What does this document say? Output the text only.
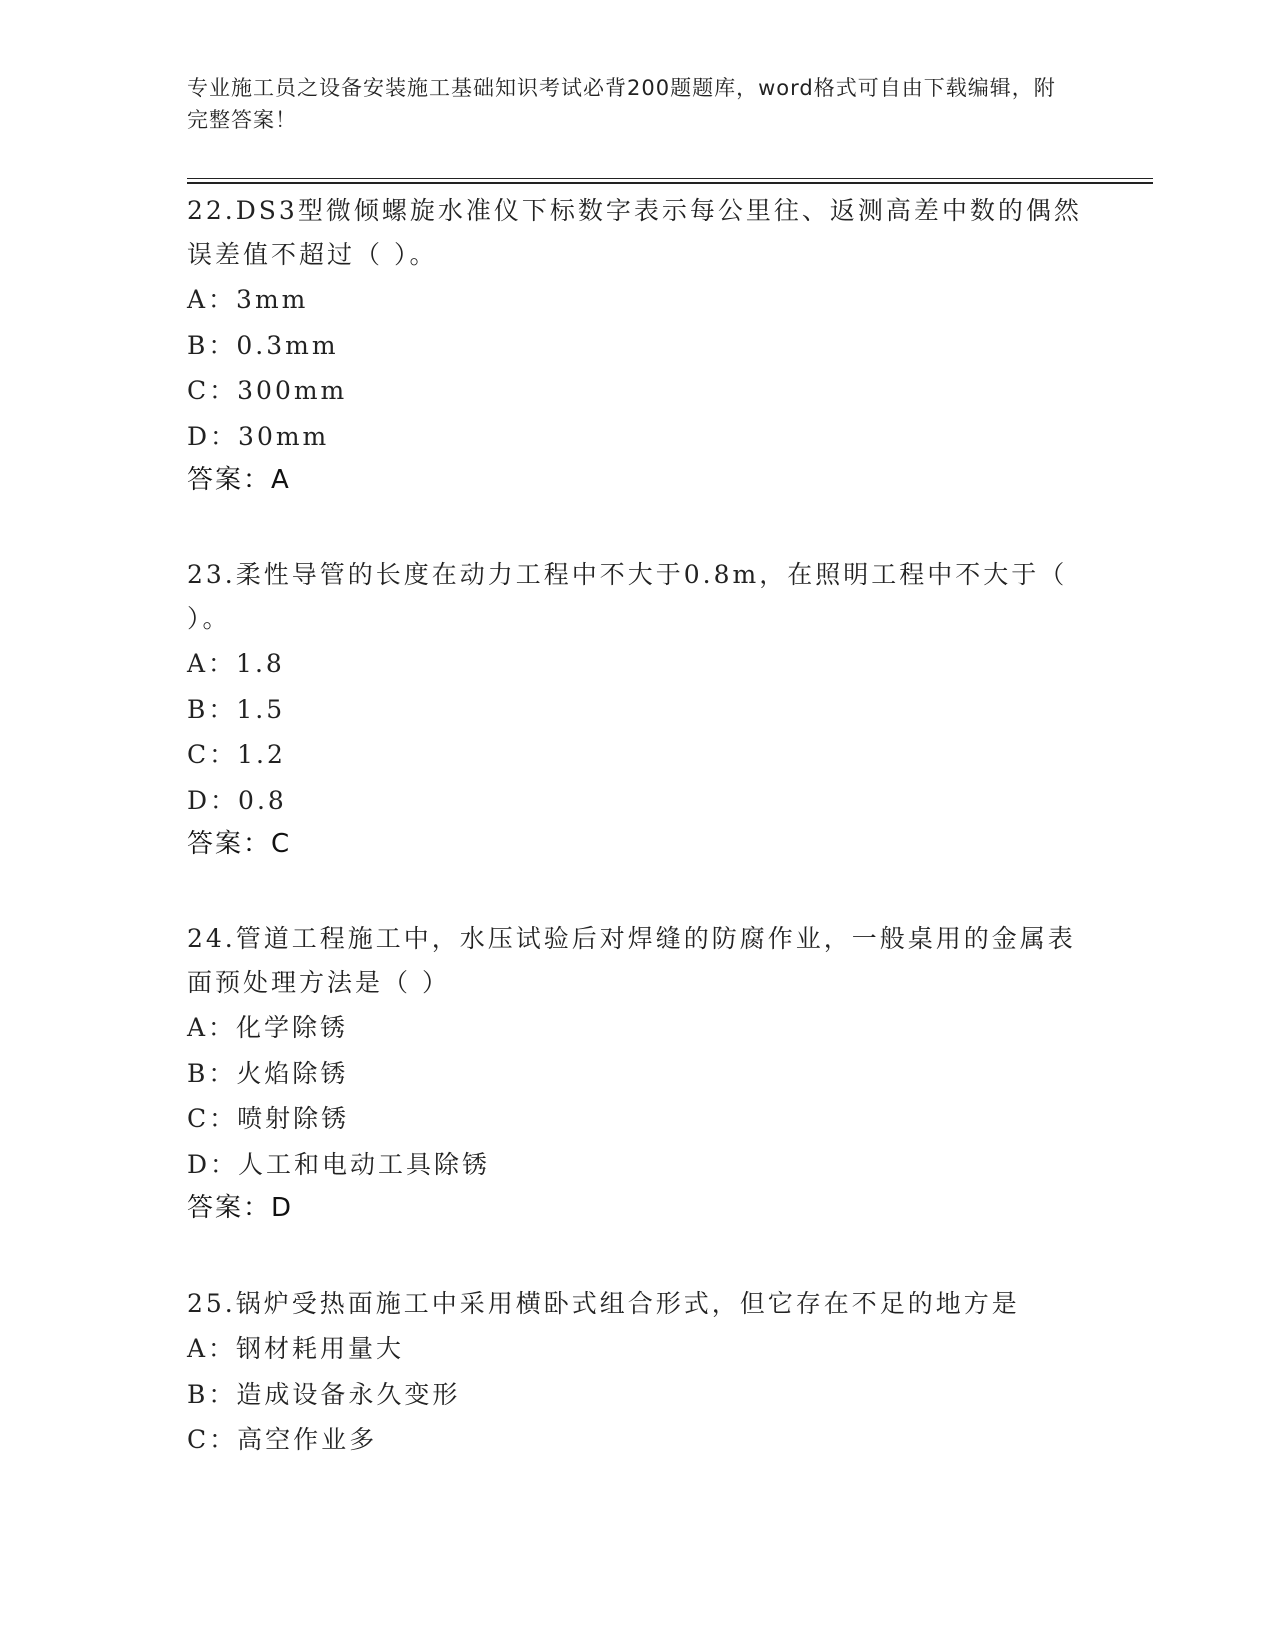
专业施工员之设备安装施工基础知识考试必背200题题库，word格式可自由下载编辑，附完整答案！

22.DS3型微倾螺旋水准仪下标数字表示每公里往、返测高差中数的偶然误差值不超过（ ）。

A：3mm

B：0.3mm

C：300mm

D：30mm

答案：A

23.柔性导管的长度在动力工程中不大于0.8m，在照明工程中不大于（ ）。

A：1.8

B：1.5

C：1.2

D：0.8

答案：C

24.管道工程施工中，水压试验后对焊缝的防腐作业，一般桌用的金属表面预处理方法是（ ）

A：化学除锈

B：火焰除锈

C：喷射除锈

D：人工和电动工具除锈

答案：D

25.锅炉受热面施工中采用横卧式组合形式，但它存在不足的地方是

A：钢材耗用量大

B：造成设备永久变形

C：高空作业多
